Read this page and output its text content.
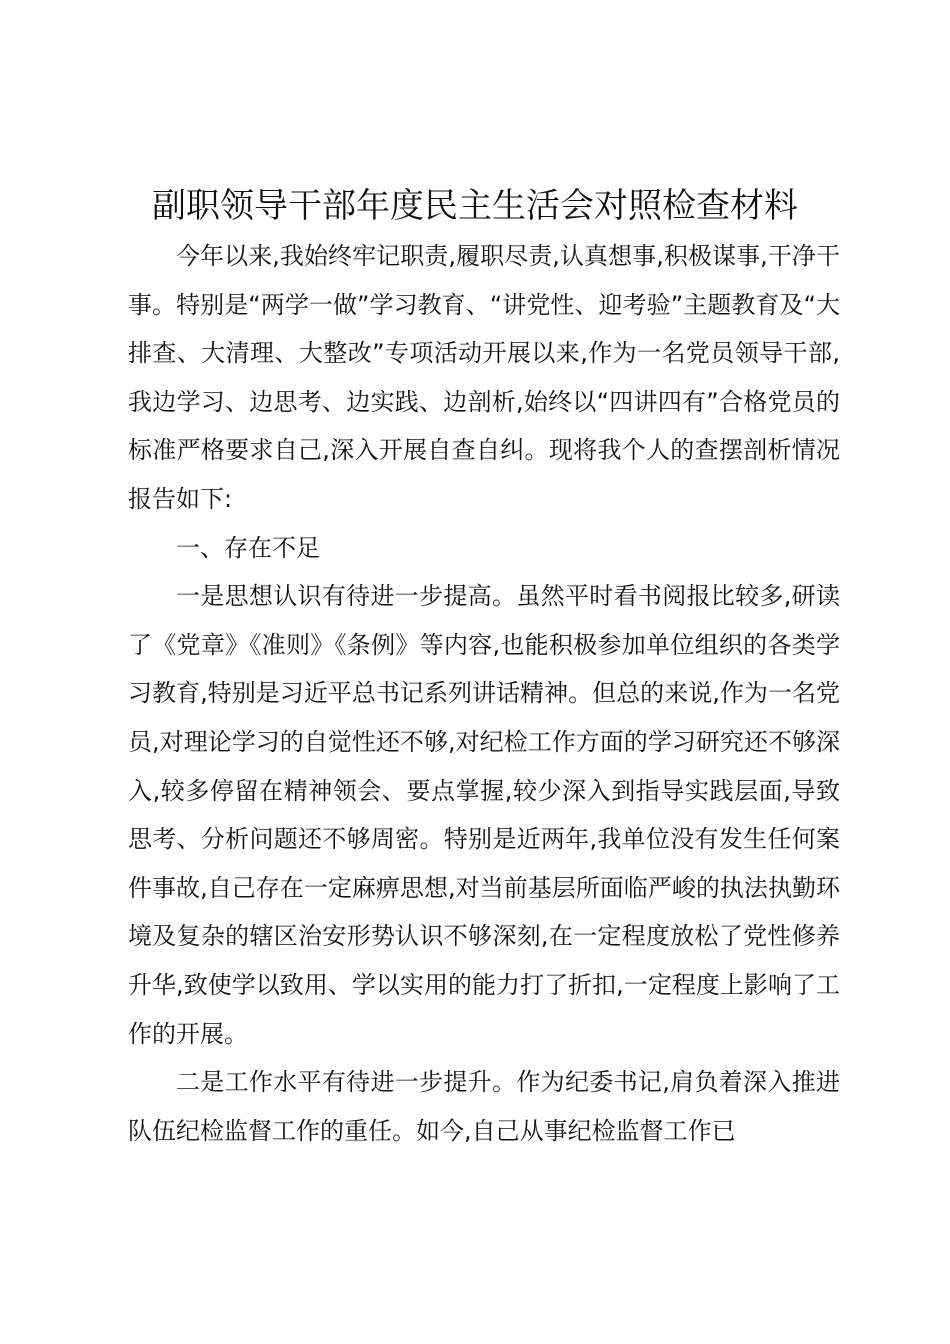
副职领导干部年度民主生活会对照检查材料

今年以来,我始终牢记职责,履职尽责,认真想事,积极谋事,干净干事。特别是“两学一做”学习教育、“讲党性、迎考验”主题教育及“大排查、大清理、大整改”专项活动开展以来,作为一名党员领导干部,我边学习、边思考、边实践、边剖析,始终以“四讲四有”合格党员的标准严格要求自己,深入开展自查自纠。现将我个人的查摆剖析情况报告如下:

一、存在不足

一是思想认识有待进一步提高。虽然平时看书阅报比较多,研读了《党章》《准则》《条例》等内容,也能积极参加单位组织的各类学习教育,特别是习近平总书记系列讲话精神。但总的来说,作为一名党员,对理论学习的自觉性还不够,对纪检工作方面的学习研究还不够深入,较多停留在精神领会、要点掌握,较少深入到指导实践层面,导致思考、分析问题还不够周密。特别是近两年,我单位没有发生任何案件事故,自己存在一定麻痹思想,对当前基层所面临严峻的执法执勤环境及复杂的辖区治安形势认识不够深刻,在一定程度放松了党性修养升华,致使学以致用、学以实用的能力打了折扣,一定程度上影响了工作的开展。

二是工作水平有待进一步提升。作为纪委书记,肩负着深入推进队伍纪检监督工作的重任。如今,自己从事纪检监督工作已
